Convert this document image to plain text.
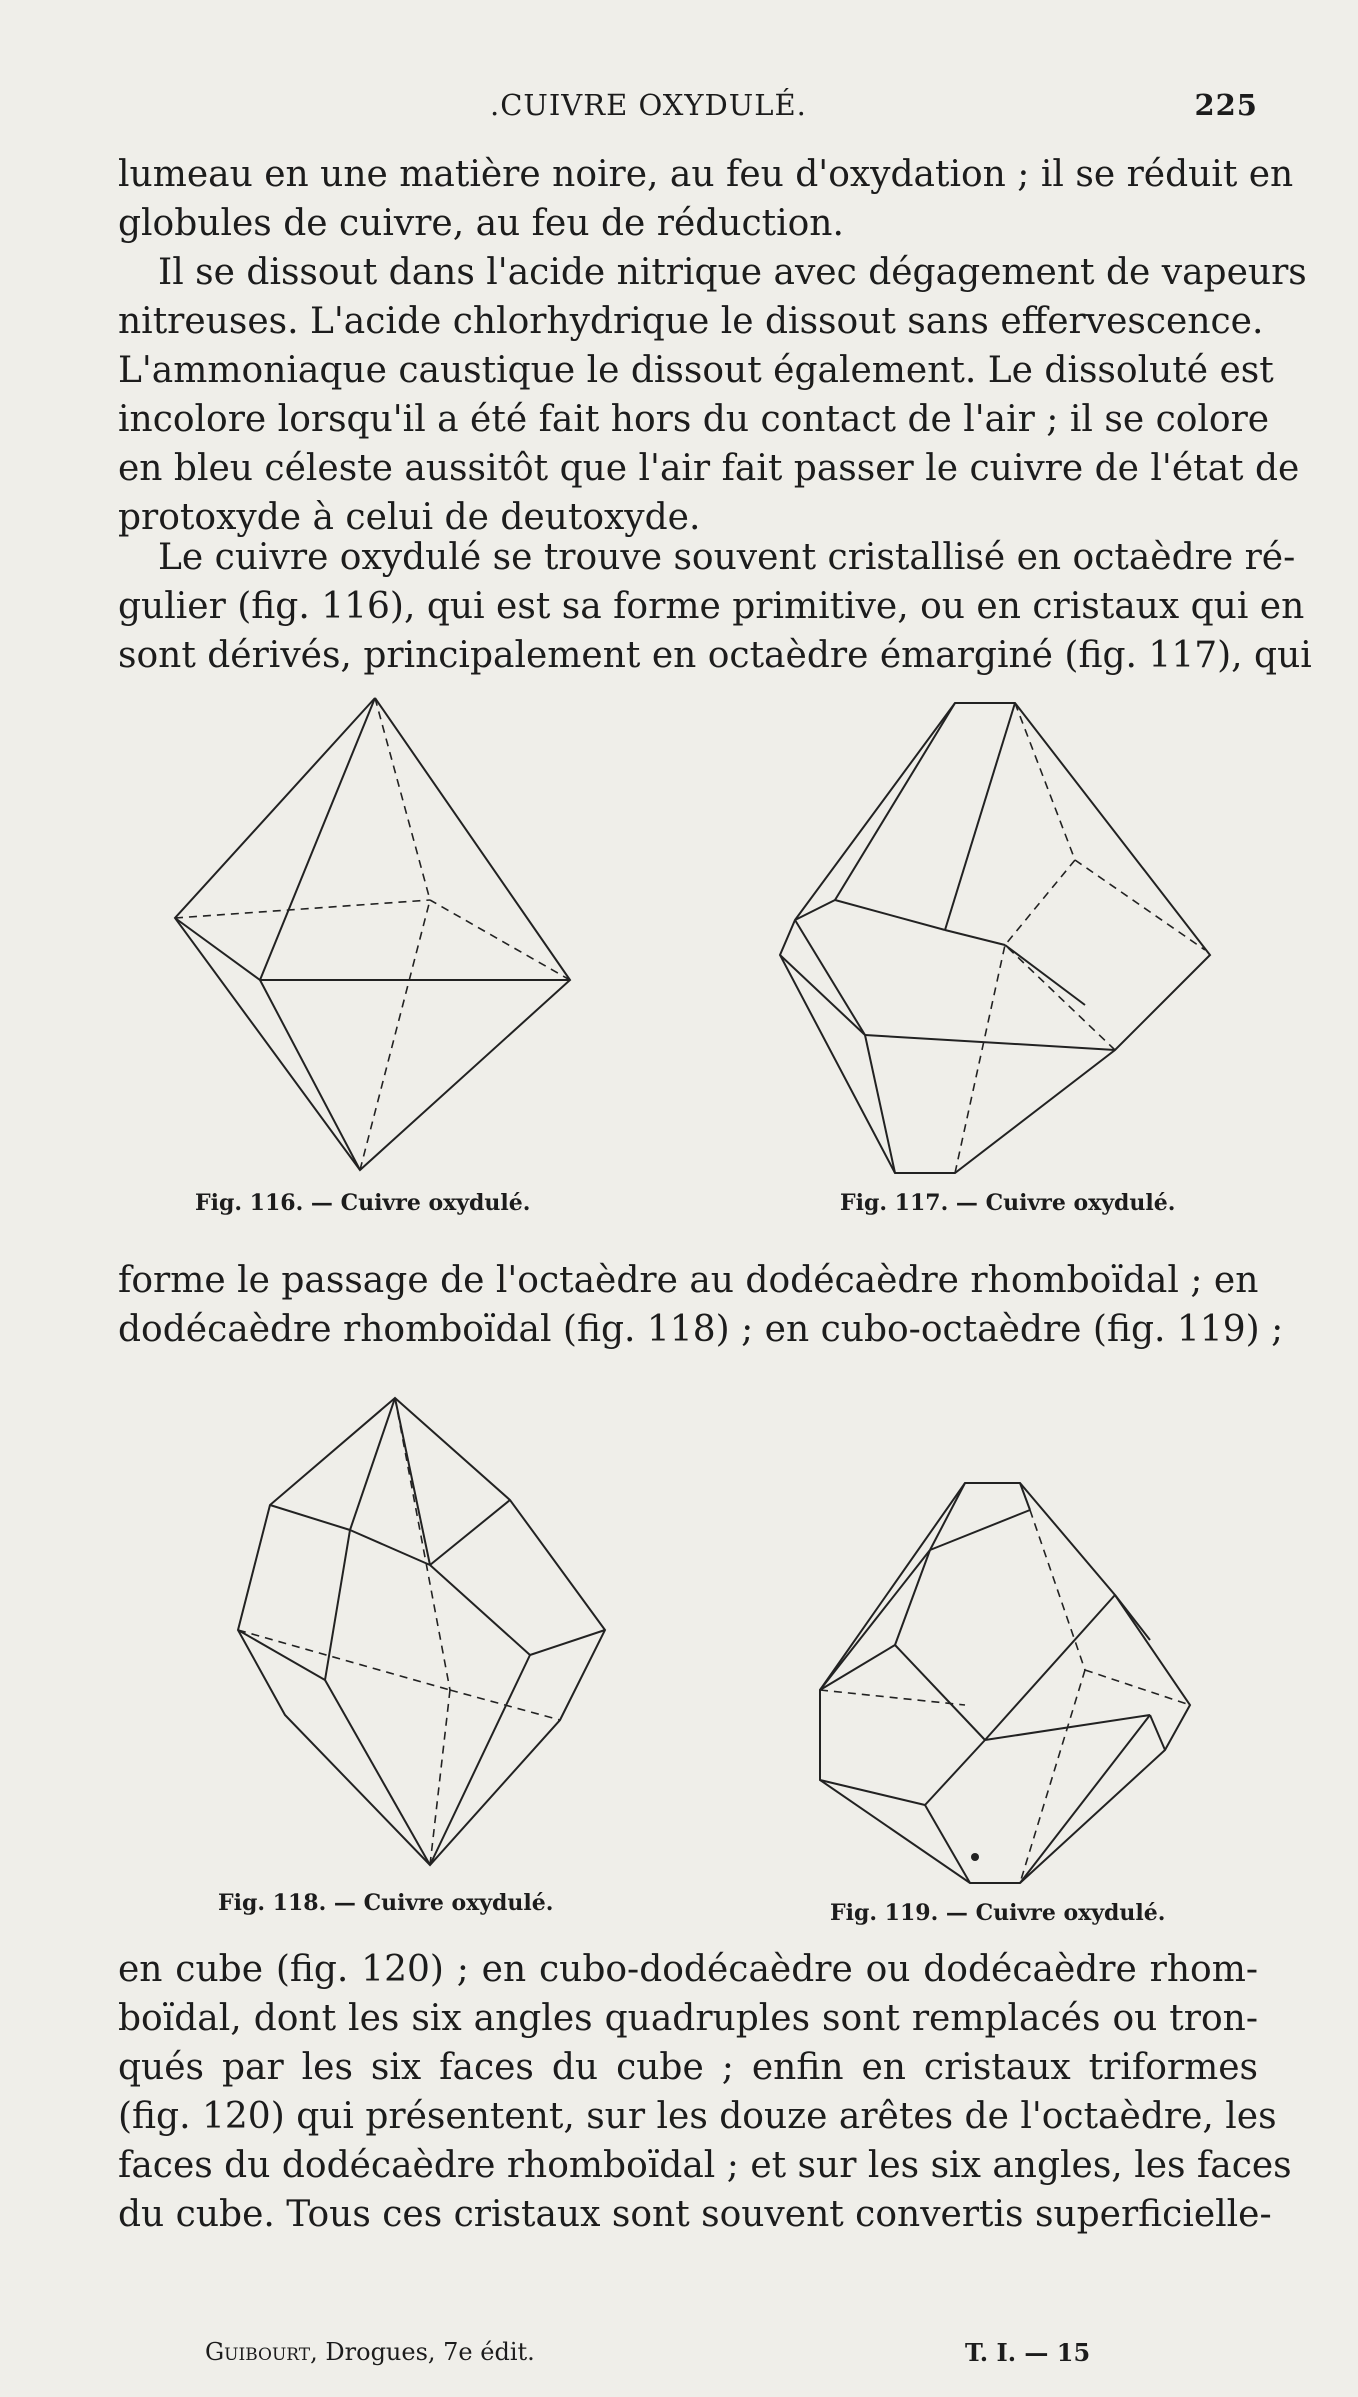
.CUIVRE OXYDULÉ.	225
lumeau en une matière noire, au feu d'oxydation ; il se réduit en
globules de cuivre, au feu de réduction.
Il se dissout dans l'acide nitrique avec dégagement de vapeurs
nitreuses. L'acide chlorhydrique le dissout sans effervescence.
L'ammoniaque caustique le dissout également. Le dissoluté est
incolore lorsqu'il a été fait hors du contact de l'air ; il se colore
en bleu céleste aussitôt que l'air fait passer le cuivre de l'état de
protoxyde à celui de deutoxyde.
Le cuivre oxydulé se trouve souvent cristallisé en octaèdre ré-
gulier (fig. 116), qui est sa forme primitive, ou en cristaux qui en
sont dérivés, principalement en octaèdre émarginé (fig. 117), qui
Fig. 116. — Cuivre oxydulé.	Fig. 117. — Cuivre oxydulé.
forme le passage de l'octaèdre au dodécaèdre rhomboïdal ; en
dodécaèdre rhomboïdal (fig. 118) ; en cubo-octaèdre (fig. 119) ;
Fig. 118. — Cuivre oxydulé.	Fig. 119. — Cuivre oxydulé.
en cube (fig. 120) ; en cubo-dodécaèdre ou dodécaèdre rhom-
boïdal, dont les six angles quadruples sont remplacés ou tron-
qués par les six faces du cube ; enfin en cristaux triformes
(fig. 120) qui présentent, sur les douze arêtes de l'octaèdre, les
faces du dodécaèdre rhomboïdal ; et sur les six angles, les faces
du cube. Tous ces cristaux sont souvent convertis superficielle-
Guibourt, Drogues, 7e édit.	T. I. — 15
